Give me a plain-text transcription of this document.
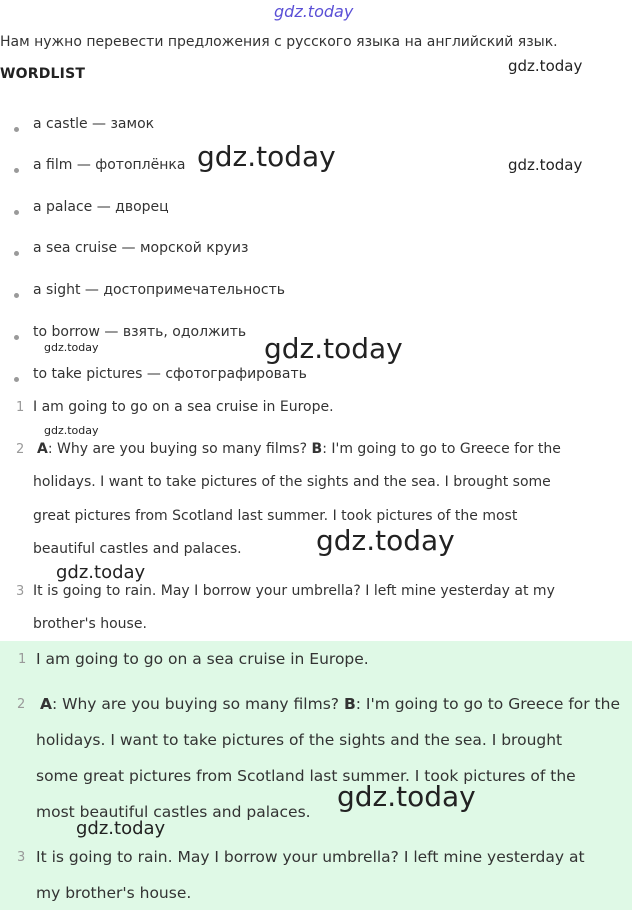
Нам нужно перевести предложения с русского языка на английский язык.
WORDLIST
a castle — замок
a film — фотоплёнка
a palace — дворец
a sea cruise — морской круиз
a sight — достопримечательность
to borrow — взять, одолжить
to take pictures — сфотографировать
1 I am going to go on a sea cruise in Europe.
2 A: Why are you buying so many films? B: I'm going to go to Greece for the
holidays. I want to take pictures of the sights and the sea. I brought some
great pictures from Scotland last summer. I took pictures of the most
beautiful castles and palaces.
3 It is going to rain. May I borrow your umbrella? I left mine yesterday at my
brother's house.
1 I am going to go on a sea cruise in Europe.
2 A: Why are you buying so many films? B: I'm going to go to Greece for the
holidays. I want to take pictures of the sights and the sea. I brought
some great pictures from Scotland last summer. I took pictures of the
most beautiful castles and palaces.
3 It is going to rain. May I borrow your umbrella? I left mine yesterday at
my brother's house.
gdz.today
gdz.today
gdz.today	gdz.today
gdz.today	gdz.today
gdz.today
gdz.today
gdz.today
gdz.today
gdz.today
